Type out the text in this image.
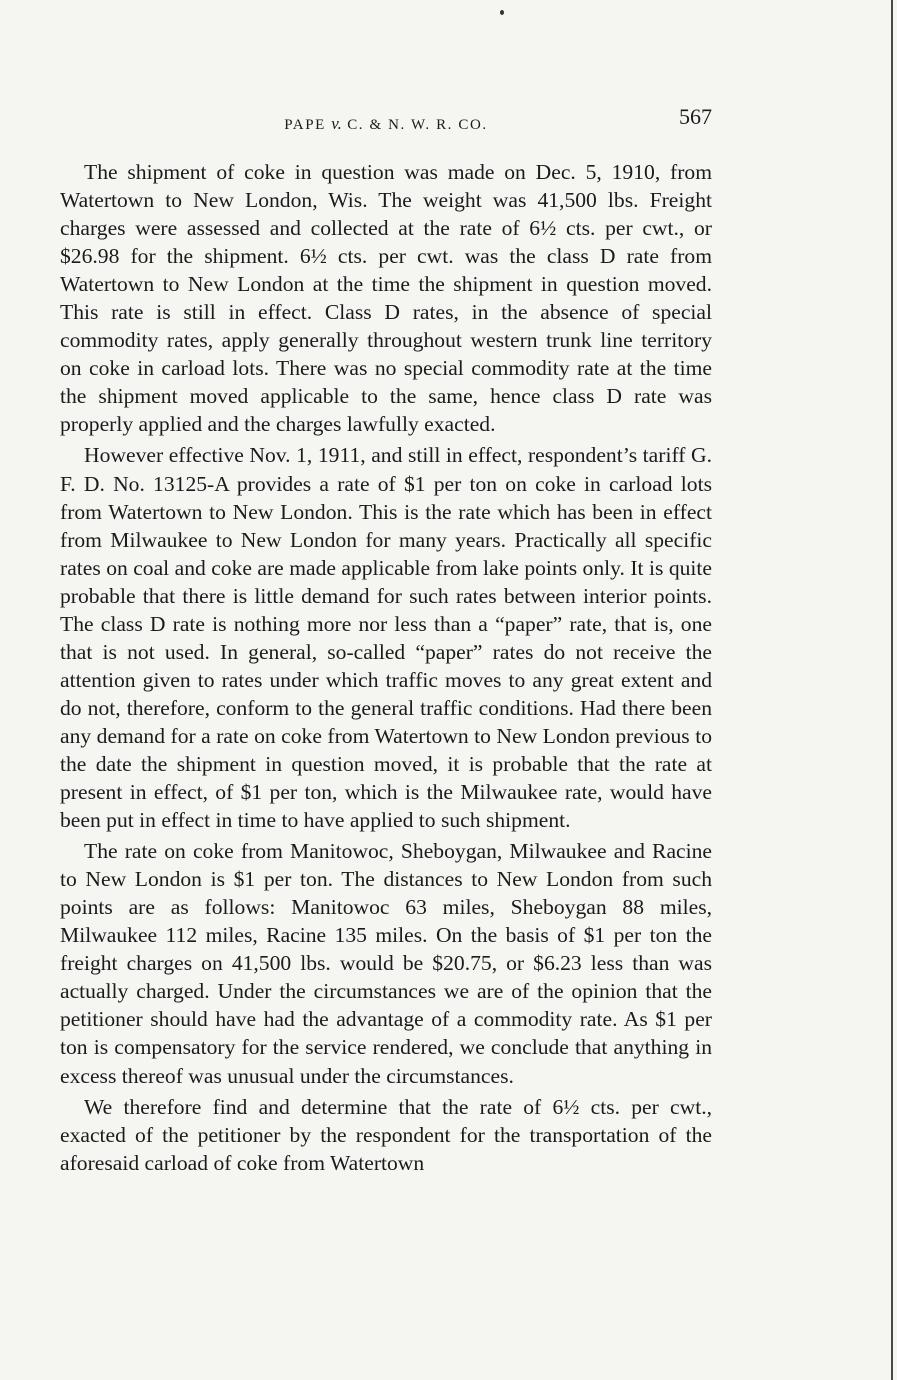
PAPE v. C. & N. W. R. CO.	567

The shipment of coke in question was made on Dec. 5, 1910, from Watertown to New London, Wis. The weight was 41,500 lbs. Freight charges were assessed and collected at the rate of 6½ cts. per cwt., or $26.98 for the shipment. 6½ cts. per cwt. was the class D rate from Watertown to New London at the time the shipment in question moved. This rate is still in effect. Class D rates, in the absence of special commodity rates, apply generally throughout western trunk line territory on coke in carload lots. There was no special commodity rate at the time the shipment moved applicable to the same, hence class D rate was properly applied and the charges lawfully exacted.

However effective Nov. 1, 1911, and still in effect, respondent’s tariff G. F. D. No. 13125-A provides a rate of $1 per ton on coke in carload lots from Watertown to New London. This is the rate which has been in effect from Milwaukee to New London for many years. Practically all specific rates on coal and coke are made applicable from lake points only. It is quite probable that there is little demand for such rates between interior points. The class D rate is nothing more nor less than a “paper” rate, that is, one that is not used. In general, so-called “paper” rates do not receive the attention given to rates under which traffic moves to any great extent and do not, therefore, conform to the general traffic conditions. Had there been any demand for a rate on coke from Watertown to New London previous to the date the shipment in question moved, it is probable that the rate at present in effect, of $1 per ton, which is the Milwaukee rate, would have been put in effect in time to have applied to such shipment.

The rate on coke from Manitowoc, Sheboygan, Milwaukee and Racine to New London is $1 per ton. The distances to New London from such points are as follows: Manitowoc 63 miles, Sheboygan 88 miles, Milwaukee 112 miles, Racine 135 miles. On the basis of $1 per ton the freight charges on 41,500 lbs. would be $20.75, or $6.23 less than was actually charged. Under the circumstances we are of the opinion that the petitioner should have had the advantage of a commodity rate. As $1 per ton is compensatory for the service rendered, we conclude that anything in excess thereof was unusual under the circumstances.

We therefore find and determine that the rate of 6½ cts. per cwt., exacted of the petitioner by the respondent for the transportation of the aforesaid carload of coke from Watertown
